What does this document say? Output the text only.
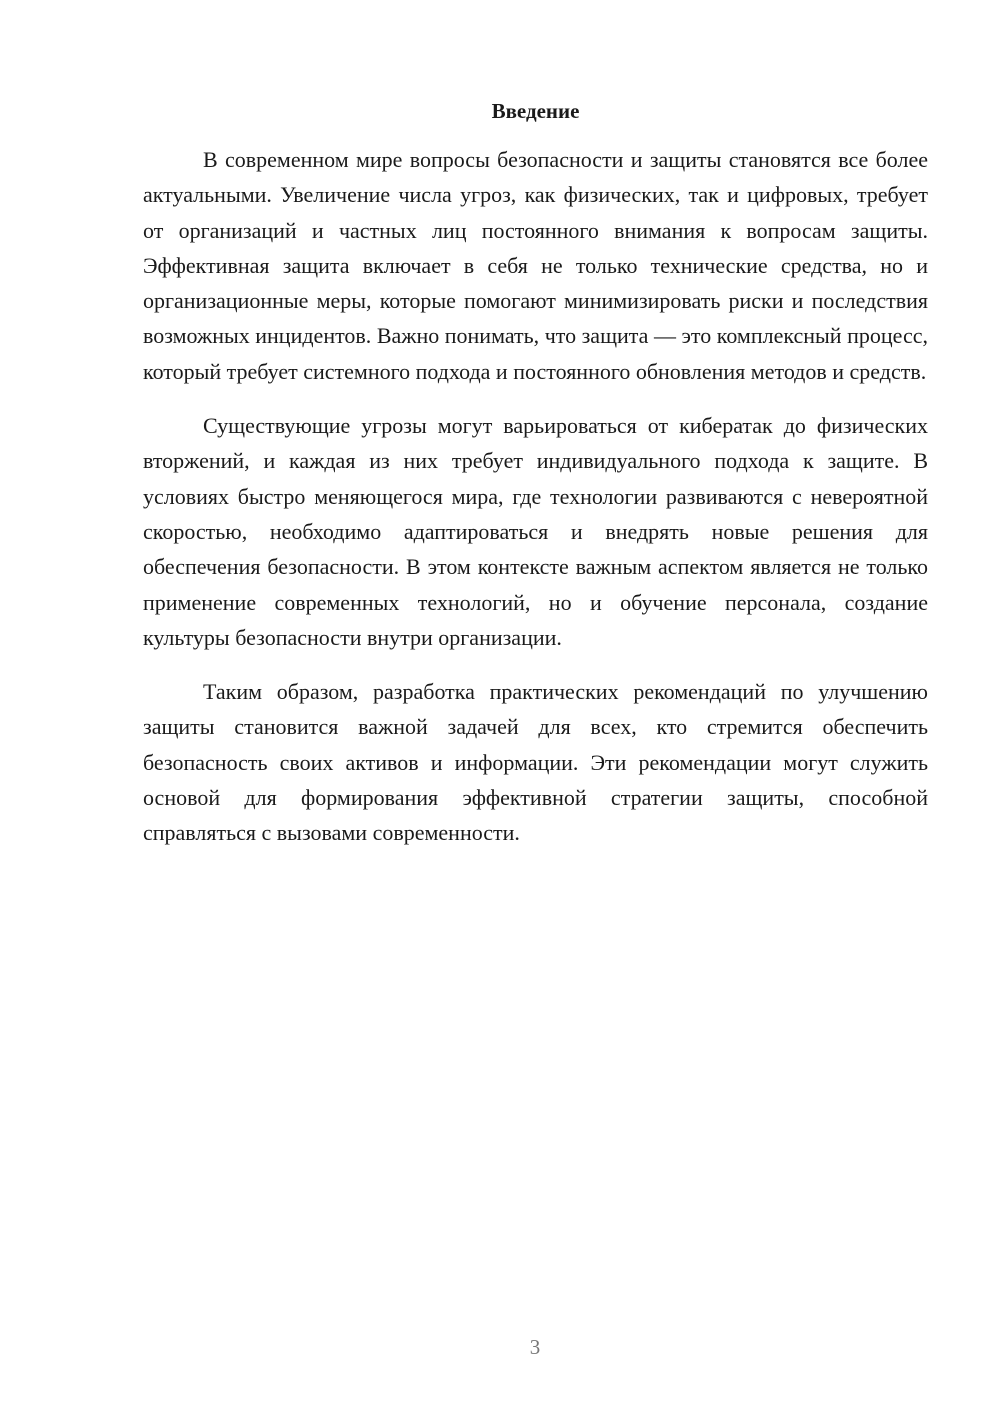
Введение

В современном мире вопросы безопасности и защиты становятся все более актуальными. Увеличение числа угроз, как физических, так и цифровых, требует от организаций и частных лиц постоянного внимания к вопросам защиты. Эффективная защита включает в себя не только технические средства, но и организационные меры, которые помогают минимизировать риски и последствия возможных инцидентов. Важно понимать, что защита — это комплексный процесс, который требует системного подхода и постоянного обновления методов и средств.

Существующие угрозы могут варьироваться от кибератак до физических вторжений, и каждая из них требует индивидуального подхода к защите. В условиях быстро меняющегося мира, где технологии развиваются с невероятной скоростью, необходимо адаптироваться и внедрять новые решения для обеспечения безопасности. В этом контексте важным аспектом является не только применение современных технологий, но и обучение персонала, создание культуры безопасности внутри организации.

Таким образом, разработка практических рекомендаций по улучшению защиты становится важной задачей для всех, кто стремится обеспечить безопасность своих активов и информации. Эти рекомендации могут служить основой для формирования эффективной стратегии защиты, способной справляться с вызовами современности.

3
